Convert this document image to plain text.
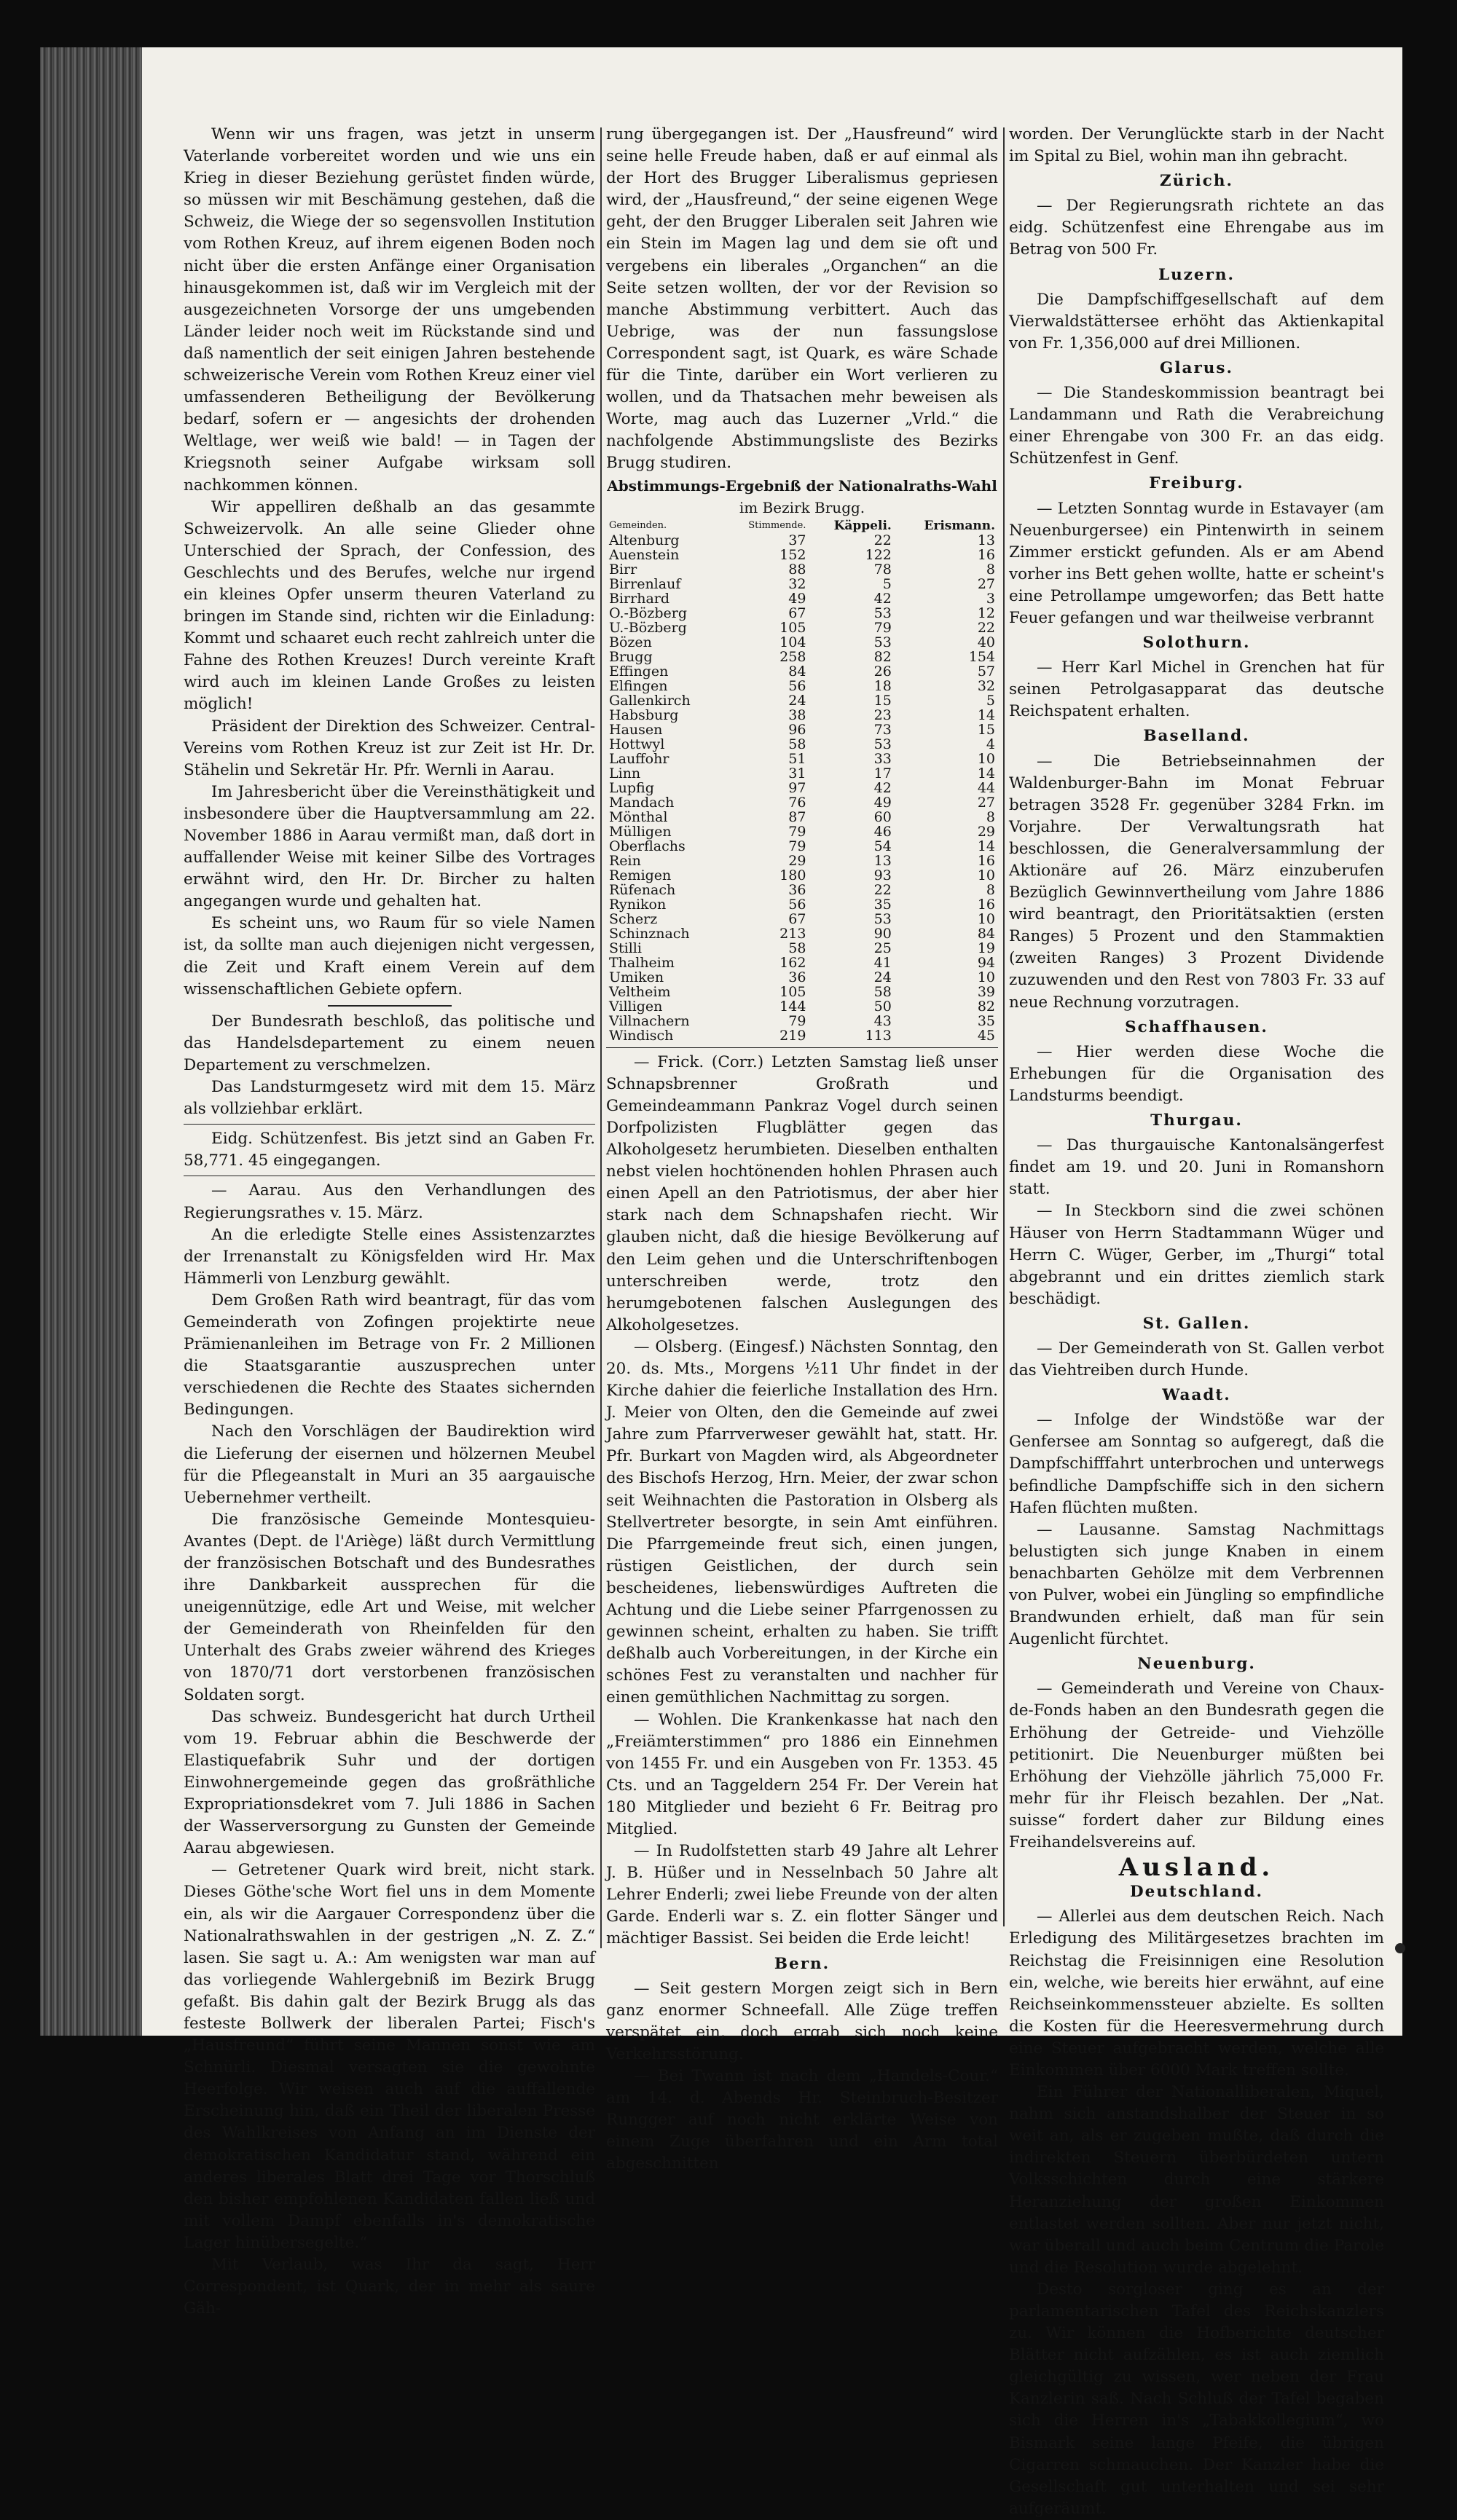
Wenn wir uns fragen, was jetzt in unserm Vaterlande vorbereitet worden und wie uns ein Krieg in dieser Beziehung gerüstet finden würde, so müssen wir mit Beschämung gestehen, daß die Schweiz, die Wiege der so segensvollen Institution vom Rothen Kreuz, auf ihrem eigenen Boden noch nicht über die ersten Anfänge einer Organisation hinausgekommen ist, daß wir im Vergleich mit der ausgezeichneten Vorsorge der uns umgebenden Länder leider noch weit im Rückstande sind und daß namentlich der seit einigen Jahren bestehende schweizerische Verein vom Rothen Kreuz einer viel umfassenderen Betheiligung der Bevölkerung bedarf, sofern er — angesichts der drohenden Weltlage, wer weiß wie bald! — in Tagen der Kriegsnoth seiner Aufgabe wirksam soll nachkommen können.

Wir appelliren deßhalb an das gesammte Schweizervolk. An alle seine Glieder ohne Unterschied der Sprach, der Confession, des Geschlechts und des Berufes, welche nur irgend ein kleines Opfer unserm theuren Vaterland zu bringen im Stande sind, richten wir die Einladung: Kommt und schaaret euch recht zahlreich unter die Fahne des Rothen Kreuzes! Durch vereinte Kraft wird auch im kleinen Lande Großes zu leisten möglich!

Präsident der Direktion des Schweizer. Central-Vereins vom Rothen Kreuz ist zur Zeit ist Hr. Dr. Stähelin und Sekretär Hr. Pfr. Wernli in Aarau.

Im Jahresbericht über die Vereinsthätigkeit und insbesondere über die Hauptversammlung am 22. November 1886 in Aarau vermißt man, daß dort in auffallender Weise mit keiner Silbe des Vortrages erwähnt wird, den Hr. Dr. Bircher zu halten angegangen wurde und gehalten hat.

Es scheint uns, wo Raum für so viele Namen ist, da sollte man auch diejenigen nicht vergessen, die Zeit und Kraft einem Verein auf dem wissenschaftlichen Gebiete opfern.

Der Bundesrath beschloß, das politische und das Handelsdepartement zu einem neuen Departement zu verschmelzen.

Das Landsturmgesetz wird mit dem 15. März als vollziehbar erklärt.

Eidg. Schützenfest. Bis jetzt sind an Gaben Fr. 58,771. 45 eingegangen.

— Aarau. Aus den Verhandlungen des Regierungsrathes v. 15. März.

An die erledigte Stelle eines Assistenzarztes der Irrenanstalt zu Königsfelden wird Hr. Max Hämmerli von Lenzburg gewählt.

Dem Großen Rath wird beantragt, für das vom Gemeinderath von Zofingen projektirte neue Prämienanleihen im Betrage von Fr. 2 Millionen die Staatsgarantie auszusprechen unter verschiedenen die Rechte des Staates sichernden Bedingungen.

Nach den Vorschlägen der Baudirektion wird die Lieferung der eisernen und hölzernen Meubel für die Pflegeanstalt in Muri an 35 aargauische Uebernehmer vertheilt.

Die französische Gemeinde Montesquieu-Avantes (Dept. de l'Ariège) läßt durch Vermittlung der französischen Botschaft und des Bundesrathes ihre Dankbarkeit aussprechen für die uneigennützige, edle Art und Weise, mit welcher der Gemeinderath von Rheinfelden für den Unterhalt des Grabs zweier während des Krieges von 1870/71 dort verstorbenen französischen Soldaten sorgt.

Das schweiz. Bundesgericht hat durch Urtheil vom 19. Februar abhin die Beschwerde der Elastiquefabrik Suhr und der dortigen Einwohnergemeinde gegen das großräthliche Expropriationsdekret vom 7. Juli 1886 in Sachen der Wasserversorgung zu Gunsten der Gemeinde Aarau abgewiesen.

— Getretener Quark wird breit, nicht stark. Dieses Göthe'sche Wort fiel uns in dem Momente ein, als wir die Aargauer Correspondenz über die Nationalrathswahlen in der gestrigen „N. Z. Z.“ lasen. Sie sagt u. A.: Am wenigsten war man auf das vorliegende Wahlergebniß im Bezirk Brugg gefaßt. Bis dahin galt der Bezirk Brugg als das festeste Bollwerk der liberalen Partei; Fisch's „Hausfreund“ führt seine Mannen sonst wie am Schnürli. Diesmal versagten sie die gewohnte Heerfolge. Wir weisen auch auf die auffallende Erscheinung hin, daß ein Theil der liberalen Presse des Wahlkreises von Anfang an im Dienste der demokratischen Kandidatur stand, während ein anderes liberales Blatt drei Tage vor Thorschluß den bisher empfohlenen Kandidaten fallen ließ und mit vollem Dampf ebenfalls in's demokratische Lager hinübersegelte.“

Mit Verlaub, was Ihr da sagt, Herr Correspondent, ist Quark, der in mehr als saure Gäh-

rung übergegangen ist. Der „Hausfreund“ wird seine helle Freude haben, daß er auf einmal als der Hort des Brugger Liberalismus gepriesen wird, der „Hausfreund,“ der seine eigenen Wege geht, der den Brugger Liberalen seit Jahren wie ein Stein im Magen lag und dem sie oft und vergebens ein liberales „Organchen“ an die Seite setzen wollten, der vor der Revision so manche Abstimmung verbittert. Auch das Uebrige, was der nun fassungslose Correspondent sagt, ist Quark, es wäre Schade für die Tinte, darüber ein Wort verlieren zu wollen, und da Thatsachen mehr beweisen als Worte, mag auch das Luzerner „Vrld.“ die nachfolgende Abstimmungsliste des Bezirks Brugg studiren.

Abstimmungs-Ergebniß der Nationalraths-Wahl

im Bezirk Brugg.

Gemeinden.	Stimmende.	Käppeli.	Erismann.
Altenburg	37	22	13
Auenstein	152	122	16
Birr	88	78	8
Birrenlauf	32	5	27
Birrhard	49	42	3
O.-Bözberg	67	53	12
U.-Bözberg	105	79	22
Bözen	104	53	40
Brugg	258	82	154
Effingen	84	26	57
Elfingen	56	18	32
Gallenkirch	24	15	5
Habsburg	38	23	14
Hausen	96	73	15
Hottwyl	58	53	4
Lauffohr	51	33	10
Linn	31	17	14
Lupfig	97	42	44
Mandach	76	49	27
Mönthal	87	60	8
Mülligen	79	46	29
Oberflachs	79	54	14
Rein	29	13	16
Remigen	180	93	10
Rüfenach	36	22	8
Rynikon	56	35	16
Scherz	67	53	10
Schinznach	213	90	84
Stilli	58	25	19
Thalheim	162	41	94
Umiken	36	24	10
Veltheim	105	58	39
Villigen	144	50	82
Villnachern	79	43	35
Windisch	219	113	45

— Frick. (Corr.) Letzten Samstag ließ unser Schnapsbrenner Großrath und Gemeindeammann Pankraz Vogel durch seinen Dorfpolizisten Flugblätter gegen das Alkoholgesetz herumbieten. Dieselben enthalten nebst vielen hochtönenden hohlen Phrasen auch einen Apell an den Patriotismus, der aber hier stark nach dem Schnapshafen riecht. Wir glauben nicht, daß die hiesige Bevölkerung auf den Leim gehen und die Unterschriftenbogen unterschreiben werde, trotz den herumgebotenen falschen Auslegungen des Alkoholgesetzes.

— Olsberg. (Eingesf.) Nächsten Sonntag, den 20. ds. Mts., Morgens ½11 Uhr findet in der Kirche dahier die feierliche Installation des Hrn. J. Meier von Olten, den die Gemeinde auf zwei Jahre zum Pfarrverweser gewählt hat, statt. Hr. Pfr. Burkart von Magden wird, als Abgeordneter des Bischofs Herzog, Hrn. Meier, der zwar schon seit Weihnachten die Pastoration in Olsberg als Stellvertreter besorgte, in sein Amt einführen. Die Pfarrgemeinde freut sich, einen jungen, rüstigen Geistlichen, der durch sein bescheidenes, liebenswürdiges Auftreten die Achtung und die Liebe seiner Pfarrgenossen zu gewinnen scheint, erhalten zu haben. Sie trifft deßhalb auch Vorbereitungen, in der Kirche ein schönes Fest zu veranstalten und nachher für einen gemüthlichen Nachmittag zu sorgen.

— Wohlen. Die Krankenkasse hat nach den „Freiämterstimmen“ pro 1886 ein Einnehmen von 1455 Fr. und ein Ausgeben von Fr. 1353. 45 Cts. und an Taggeldern 254 Fr. Der Verein hat 180 Mitglieder und bezieht 6 Fr. Beitrag pro Mitglied.

— In Rudolfstetten starb 49 Jahre alt Lehrer J. B. Hüßer und in Nesselnbach 50 Jahre alt Lehrer Enderli; zwei liebe Freunde von der alten Garde. Enderli war s. Z. ein flotter Sänger und mächtiger Bassist. Sei beiden die Erde leicht!

Bern.

— Seit gestern Morgen zeigt sich in Bern ganz enormer Schneefall. Alle Züge treffen verspätet ein, doch ergab sich noch keine Verkehrsstörung.

— Bei Twann ist nach dem „Handels-Cour.“ am 14. d. Abends Hr. Steinbruch-Besitzer Rungger auf noch nicht erklärte Weise von einem Zuge überfahren und ein Arm total abgeschnitten

worden. Der Verunglückte starb in der Nacht im Spital zu Biel, wohin man ihn gebracht.

Zürich.

— Der Regierungsrath richtete an das eidg. Schützenfest eine Ehrengabe aus im Betrag von 500 Fr.

Luzern.

Die Dampfschiffgesellschaft auf dem Vierwaldstättersee erhöht das Aktienkapital von Fr. 1,356,000 auf drei Millionen.

Glarus.

— Die Standeskommission beantragt bei Landammann und Rath die Verabreichung einer Ehrengabe von 300 Fr. an das eidg. Schützenfest in Genf.

Freiburg.

— Letzten Sonntag wurde in Estavayer (am Neuenburgersee) ein Pintenwirth in seinem Zimmer erstickt gefunden. Als er am Abend vorher ins Bett gehen wollte, hatte er scheint's eine Petrollampe umgeworfen; das Bett hatte Feuer gefangen und war theilweise verbrannt

Solothurn.

— Herr Karl Michel in Grenchen hat für seinen Petrolgasapparat das deutsche Reichspatent erhalten.

Baselland.

— Die Betriebseinnahmen der Waldenburger-Bahn im Monat Februar betragen 3528 Fr. gegenüber 3284 Frkn. im Vorjahre. Der Verwaltungsrath hat beschlossen, die Generalversammlung der Aktionäre auf 26. März einzuberufen Bezüglich Gewinnvertheilung vom Jahre 1886 wird beantragt, den Prioritätsaktien (ersten Ranges) 5 Prozent und den Stammaktien (zweiten Ranges) 3 Prozent Dividende zuzuwenden und den Rest von 7803 Fr. 33 auf neue Rechnung vorzutragen.

Schaffhausen.

— Hier werden diese Woche die Erhebungen für die Organisation des Landsturms beendigt.

Thurgau.

— Das thurgauische Kantonalsängerfest findet am 19. und 20. Juni in Romanshorn statt.

— In Steckborn sind die zwei schönen Häuser von Herrn Stadtammann Wüger und Herrn C. Wüger, Gerber, im „Thurgi“ total abgebrannt und ein drittes ziemlich stark beschädigt.

St. Gallen.

— Der Gemeinderath von St. Gallen verbot das Viehtreiben durch Hunde.

Waadt.

— Infolge der Windstöße war der Genfersee am Sonntag so aufgeregt, daß die Dampfschifffahrt unterbrochen und unterwegs befindliche Dampfschiffe sich in den sichern Hafen flüchten mußten.

— Lausanne. Samstag Nachmittags belustigten sich junge Knaben in einem benachbarten Gehölze mit dem Verbrennen von Pulver, wobei ein Jüngling so empfindliche Brandwunden erhielt, daß man für sein Augenlicht fürchtet.

Neuenburg.

— Gemeinderath und Vereine von Chaux-de-Fonds haben an den Bundesrath gegen die Erhöhung der Getreide- und Viehzölle petitionirt. Die Neuenburger müßten bei Erhöhung der Viehzölle jährlich 75,000 Fr. mehr für ihr Fleisch bezahlen. Der „Nat. suisse“ fordert daher zur Bildung eines Freihandelsvereins auf.

Ausland.

Deutschland.

— Allerlei aus dem deutschen Reich. Nach Erledigung des Militärgesetzes brachten im Reichstag die Freisinnigen eine Resolution ein, welche, wie bereits hier erwähnt, auf eine Reichseinkommenssteuer abzielte. Es sollten die Kosten für die Heeresvermehrung durch eine Steuer aufgebracht werden, welche alle Einkommen über 6000 Mark treffen sollte.

Ein Führer der Nationalliberalen, Miquel, nahm sich anstandshalber der Steuer in so weit an, als er zugeben mußte, daß durch die indirekten Steuern überbürdeten untern Volksschichten durch eine stärkere Heranziehung der großen Einkommen entlastet werden sollten. Aber nur jetzt nicht, war überall und auch beim Centrum die Parole und die Resolution wurde abgelehnt.

Desto sorgloser ging es an der parlamentarischen Tafel des Reichskanzlers zu. Wir können die Hofberichte deutscher Blätter nicht aufzählen, es ist auch ziemlich gleichgültig zu wissen, wer neben der Frau Kanzlerin saß. Nach Schluß der Tafel begaben sich die Herren in's „Tabakkollegium“, wo Bismark seine lange Pfeife, die übrigen Cigarren schmauchen. Der Kanzler habe die Gesellschaft gut unterhalten und sei sehr aufgeräumt.
